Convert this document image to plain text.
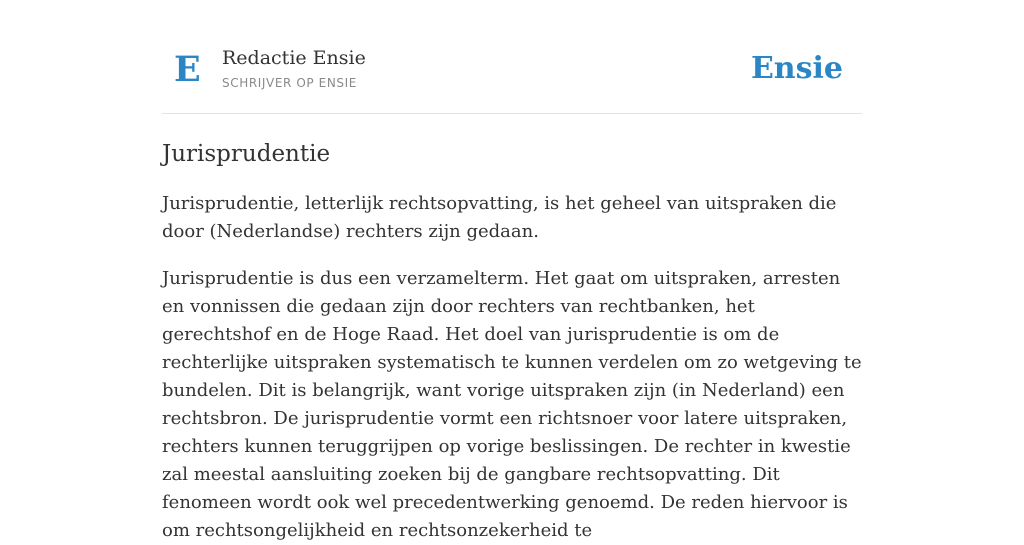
E Redactie Ensie
SCHRIJVER OP ENSIE	Ensie
Jurisprudentie

Jurisprudentie, letterlijk rechtsopvatting, is het geheel van uitspraken die door (Nederlandse) rechters zijn gedaan.

Jurisprudentie is dus een verzamelterm. Het gaat om uitspraken, arresten en vonnissen die gedaan zijn door rechters van rechtbanken, het gerechtshof en de Hoge Raad. Het doel van jurisprudentie is om de rechterlijke uitspraken systematisch te kunnen verdelen om zo wetgeving te bundelen. Dit is belangrijk, want vorige uitspraken zijn (in Nederland) een rechtsbron. De jurisprudentie vormt een richtsnoer voor latere uitspraken, rechters kunnen teruggrijpen op vorige beslissingen. De rechter in kwestie zal meestal aansluiting zoeken bij de gangbare rechtsopvatting. Dit fenomeen wordt ook wel precedentwerking genoemd. De reden hiervoor is om rechtsongelijkheid en rechtsonzekerheid te
